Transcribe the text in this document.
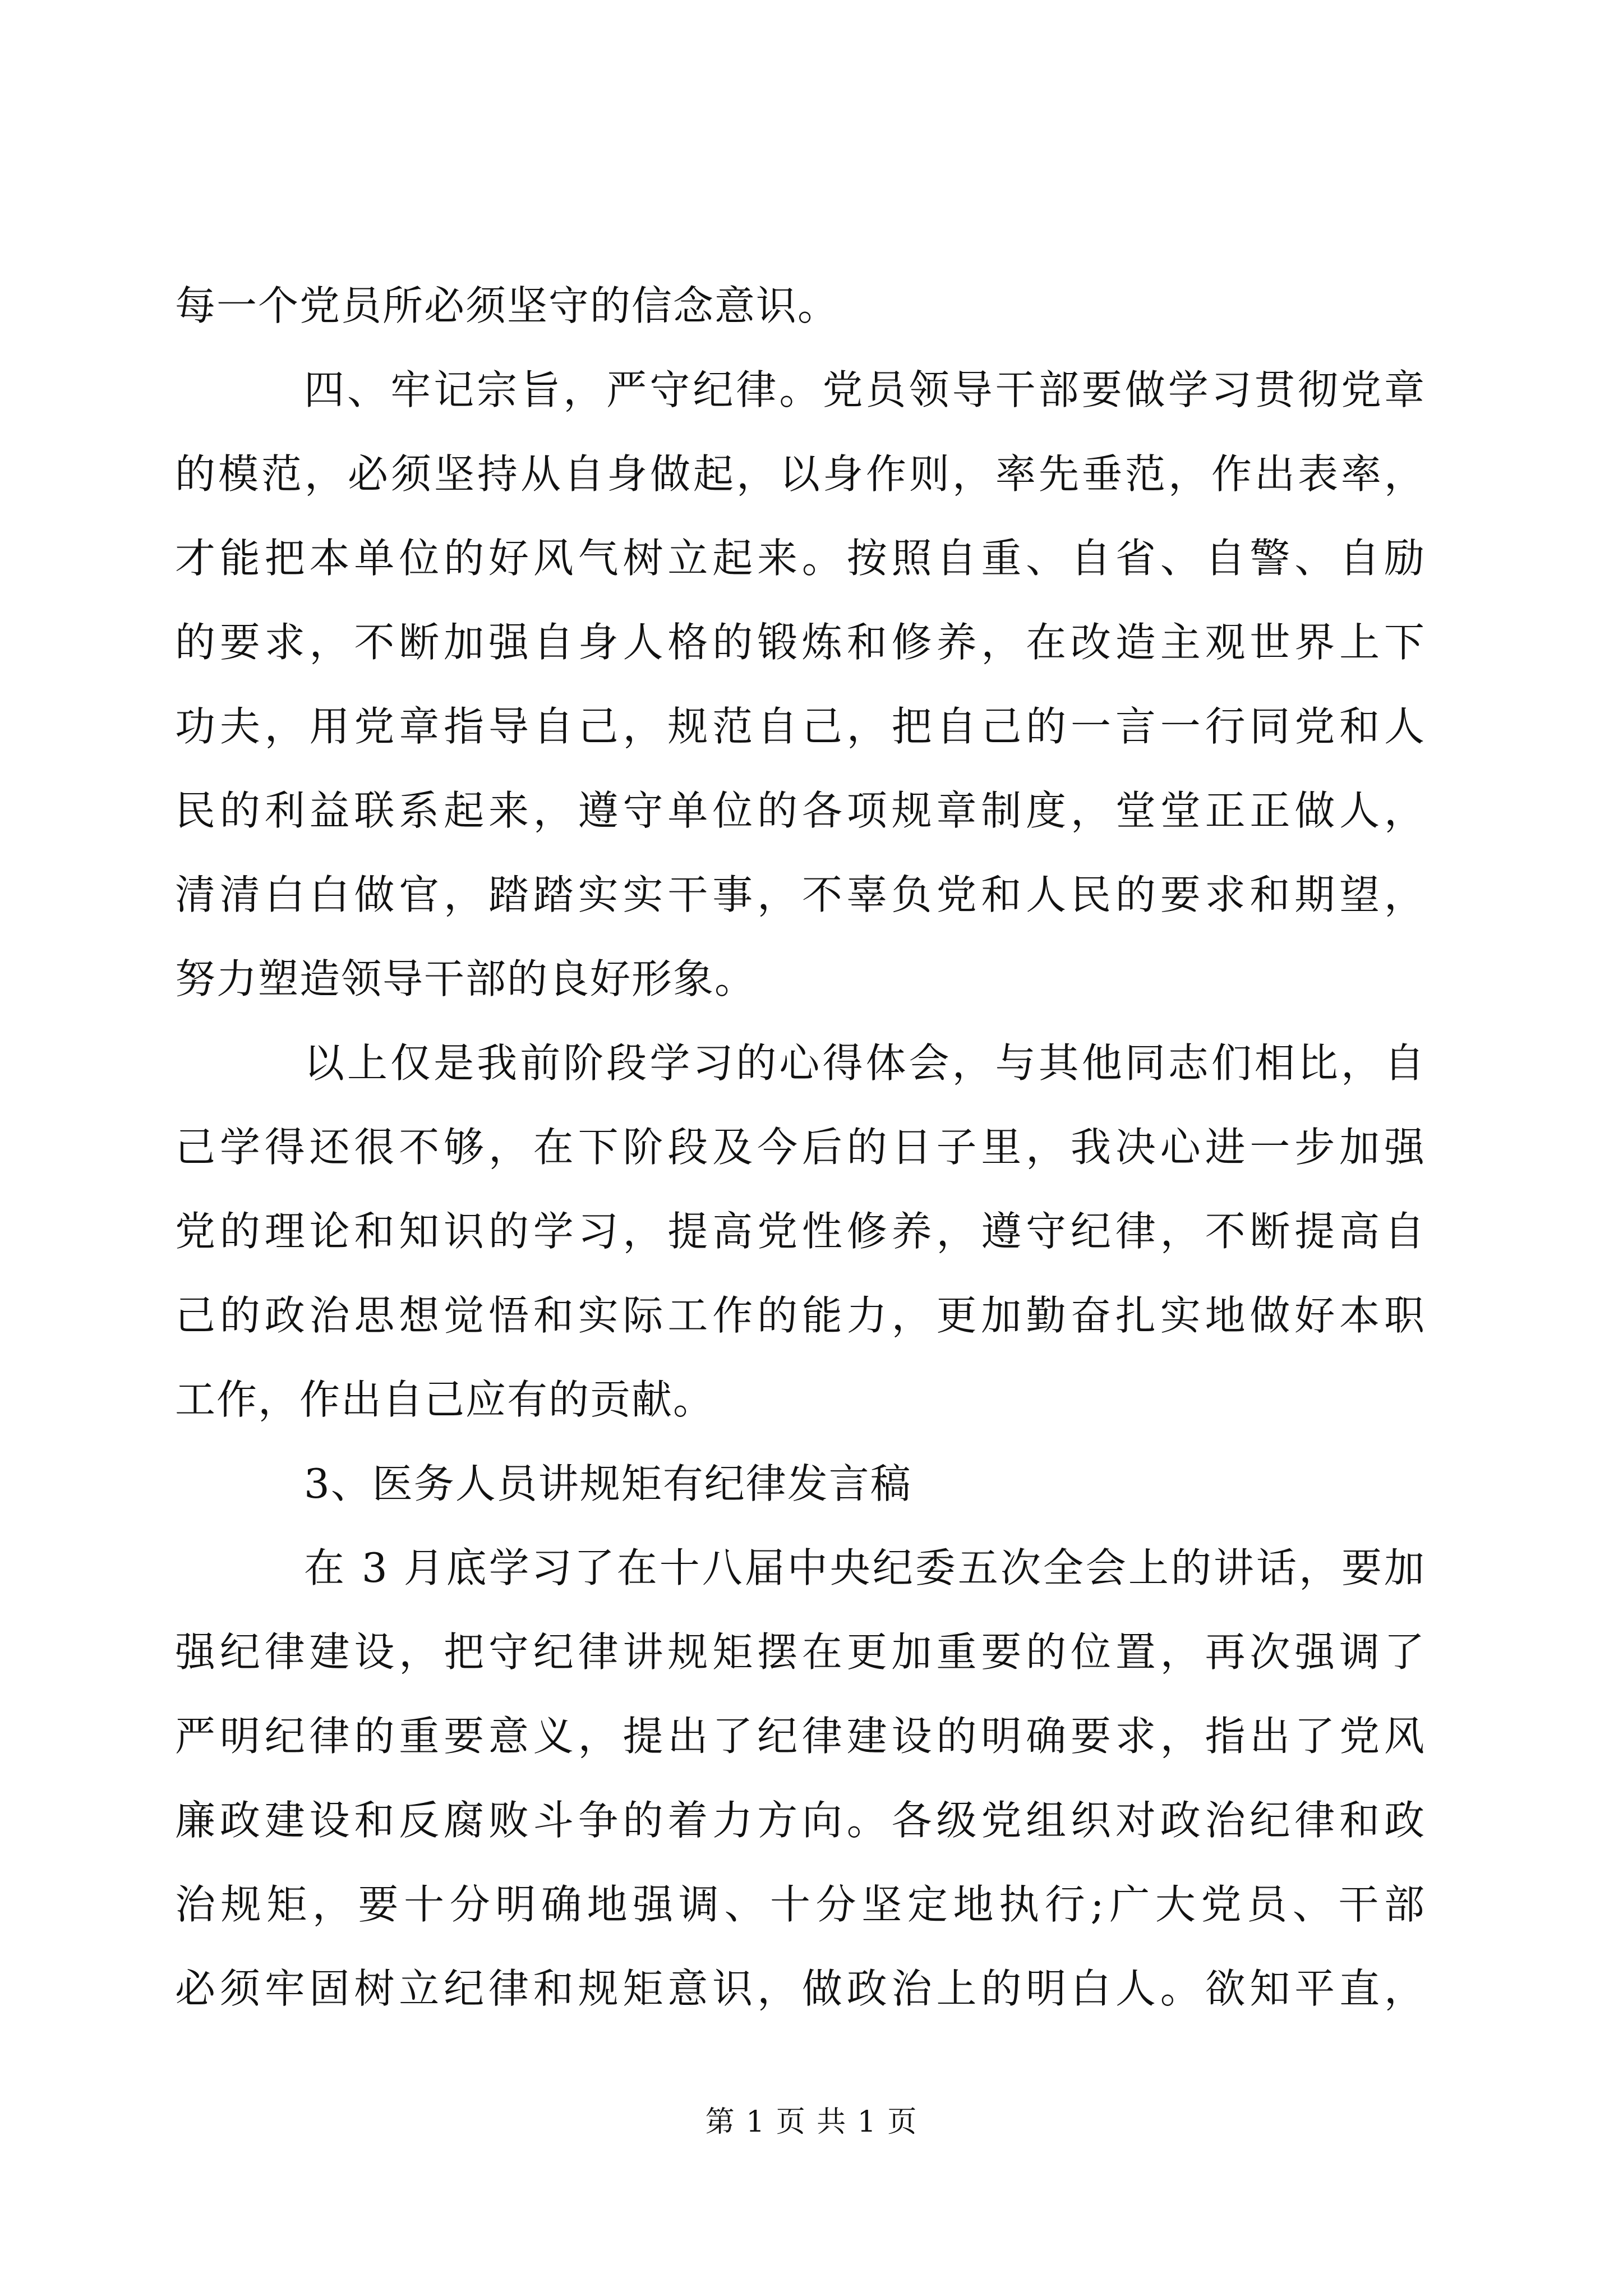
每一个党员所必须坚守的信念意识。
四、牢记宗旨，严守纪律。党员领导干部要做学习贯彻党章
的模范，必须坚持从自身做起，以身作则，率先垂范，作出表率，
才能把本单位的好风气树立起来。按照自重、自省、自警、自励
的要求，不断加强自身人格的锻炼和修养，在改造主观世界上下
功夫，用党章指导自己，规范自己，把自己的一言一行同党和人
民的利益联系起来，遵守单位的各项规章制度，堂堂正正做人，
清清白白做官，踏踏实实干事，不辜负党和人民的要求和期望，
努力塑造领导干部的良好形象。
以上仅是我前阶段学习的心得体会，与其他同志们相比，自
己学得还很不够，在下阶段及今后的日子里，我决心进一步加强
党的理论和知识的学习，提高党性修养，遵守纪律，不断提高自
己的政治思想觉悟和实际工作的能力，更加勤奋扎实地做好本职
工作，作出自己应有的贡献。
3、医务人员讲规矩有纪律发言稿
在 3 月底学习了在十八届中央纪委五次全会上的讲话，要加
强纪律建设，把守纪律讲规矩摆在更加重要的位置，再次强调了
严明纪律的重要意义，提出了纪律建设的明确要求，指出了党风
廉政建设和反腐败斗争的着力方向。各级党组织对政治纪律和政
治规矩，要十分明确地强调、十分坚定地执行;广大党员、干部
必须牢固树立纪律和规矩意识，做政治上的明白人。欲知平直，
第 1 页 共 1 页
